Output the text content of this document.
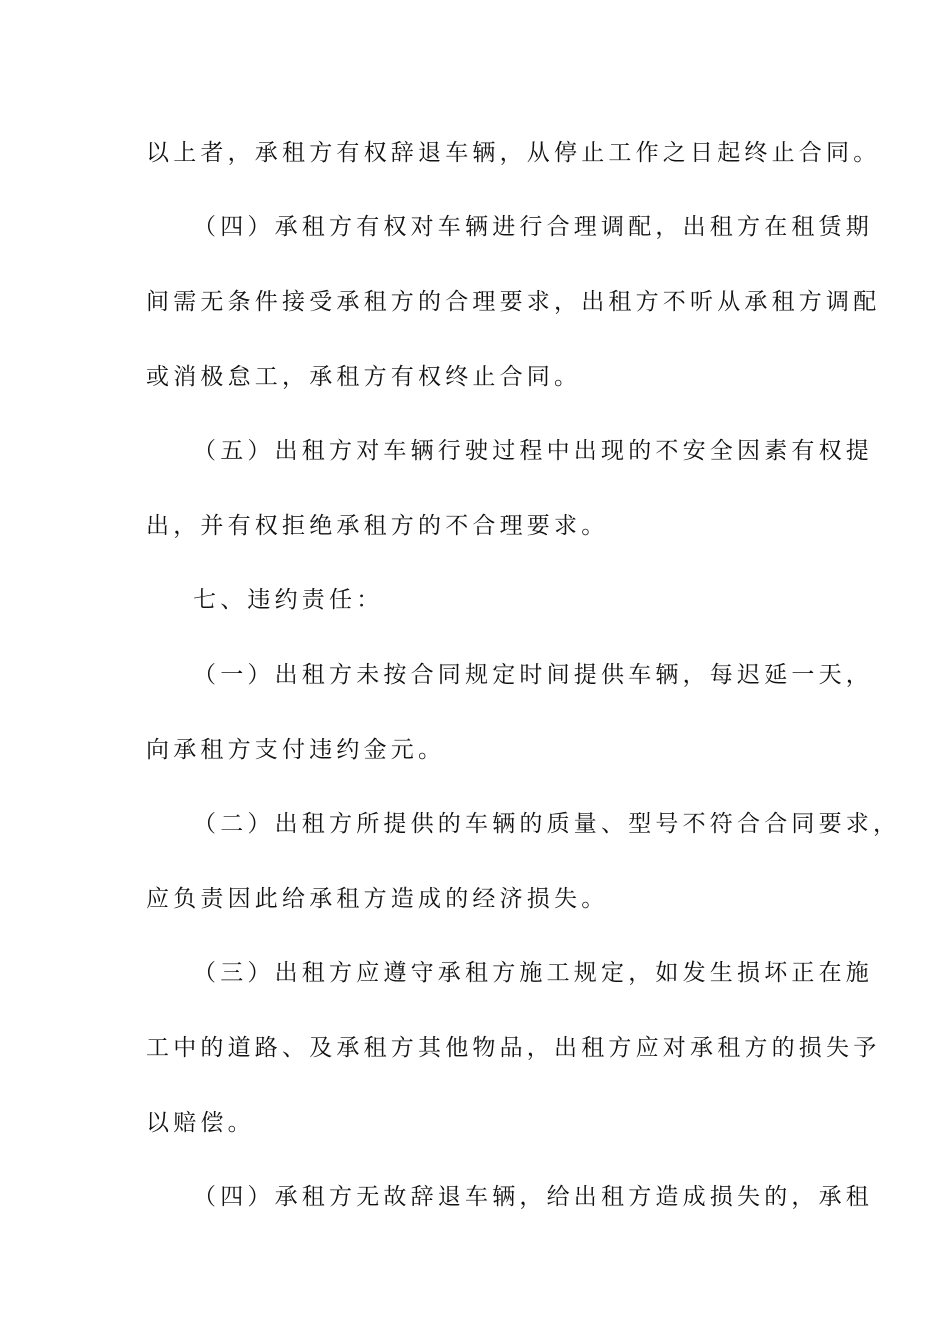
以上者，承租方有权辞退车辆，从停止工作之日起终止合同。

（四）承租方有权对车辆进行合理调配，出租方在租赁期

间需无条件接受承租方的合理要求，出租方不听从承租方调配

或消极怠工，承租方有权终止合同。

（五）出租方对车辆行驶过程中出现的不安全因素有权提

出，并有权拒绝承租方的不合理要求。

七、违约责任：

（一）出租方未按合同规定时间提供车辆，每迟延一天，

向承租方支付违约金元。

（二）出租方所提供的车辆的质量、型号不符合合同要求，

应负责因此给承租方造成的经济损失。

（三）出租方应遵守承租方施工规定，如发生损坏正在施

工中的道路、及承租方其他物品，出租方应对承租方的损失予

以赔偿。

（四）承租方无故辞退车辆，给出租方造成损失的，承租
